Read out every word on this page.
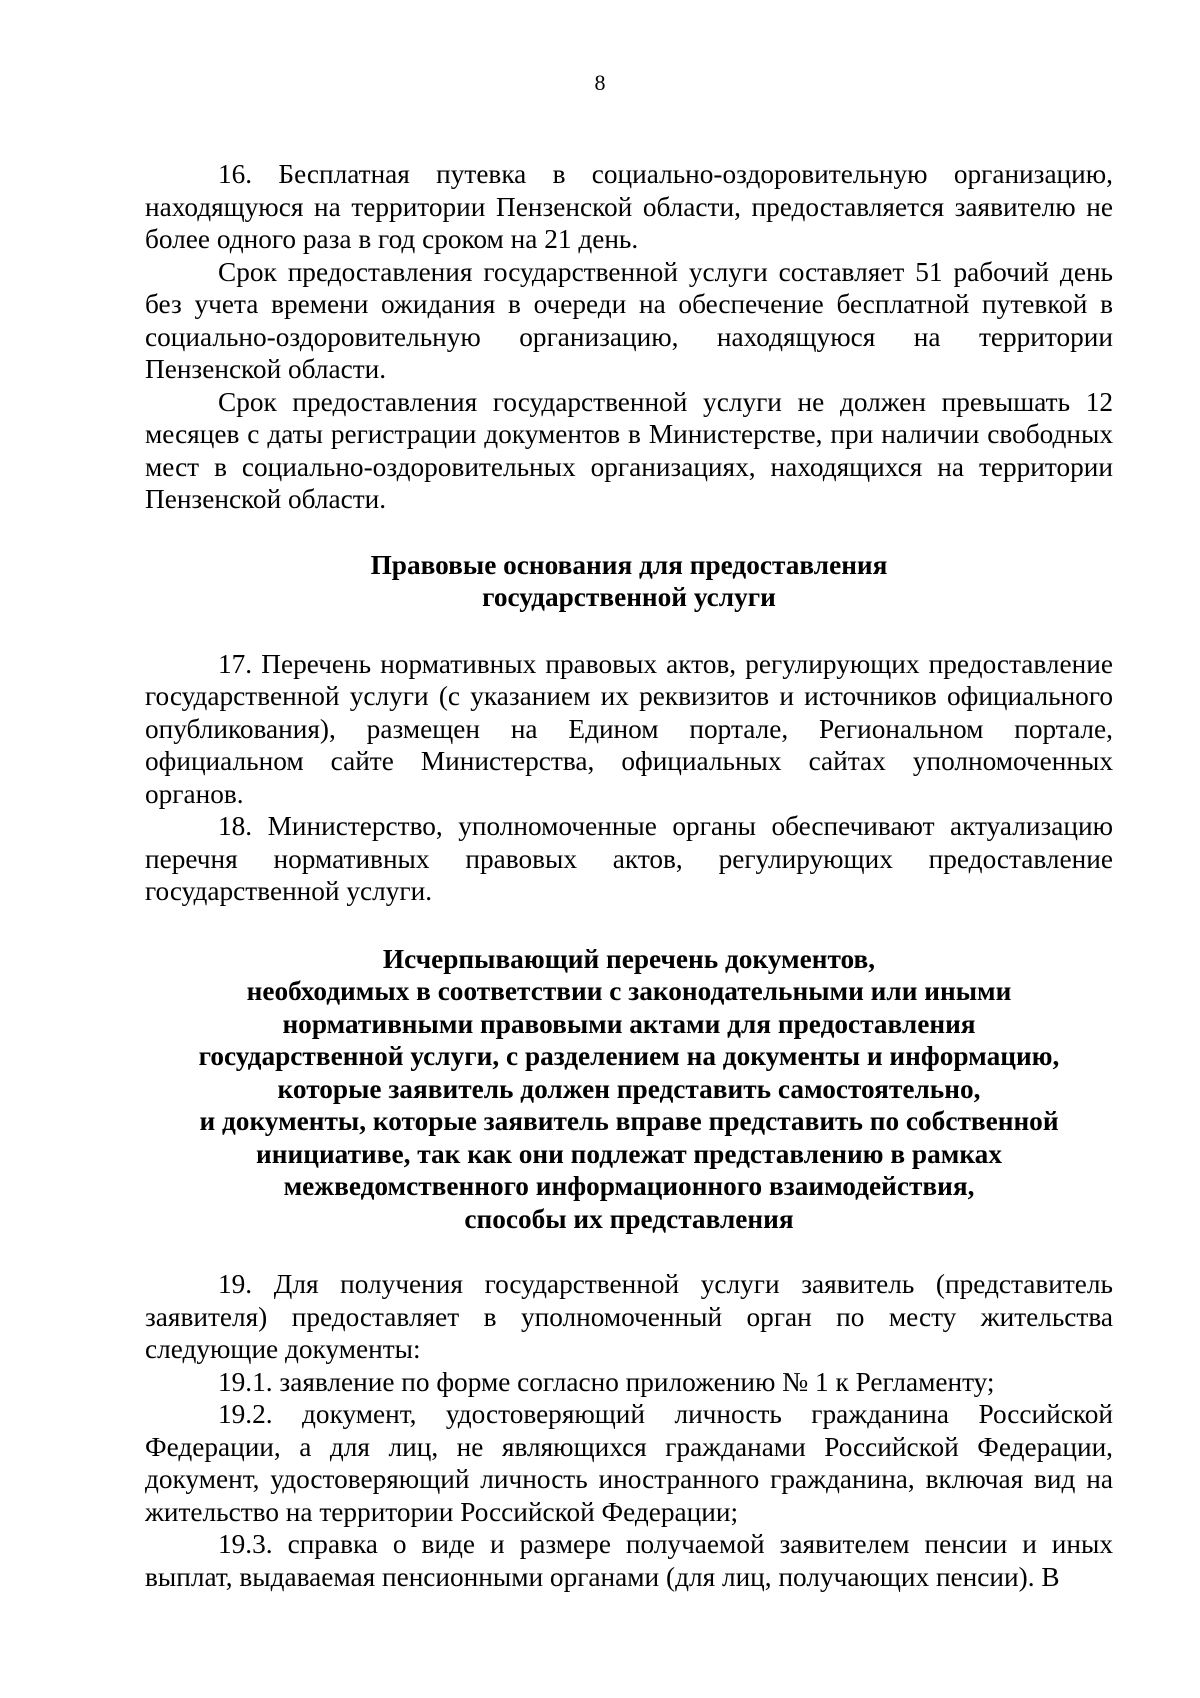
8

16. Бесплатная путевка в социально-оздоровительную организацию, находящуюся на территории Пензенской области, предоставляется заявителю не более одного раза в год сроком на 21 день.

Срок предоставления государственной услуги составляет 51 рабочий день без учета времени ожидания в очереди на обеспечение бесплатной путевкой в социально-оздоровительную организацию, находящуюся на территории Пензенской области.

Срок предоставления государственной услуги не должен превышать 12 месяцев с даты регистрации документов в Министерстве, при наличии свободных мест в социально-оздоровительных организациях, находящихся на территории Пензенской области.

Правовые основания для предоставления
государственной услуги

17. Перечень нормативных правовых актов, регулирующих предоставление государственной услуги (с указанием их реквизитов и источников официального опубликования), размещен на Едином портале, Региональном портале, официальном сайте Министерства, официальных сайтах уполномоченных органов.

18. Министерство, уполномоченные органы обеспечивают актуализацию перечня нормативных правовых актов, регулирующих предоставление государственной услуги.

Исчерпывающий перечень документов,
необходимых в соответствии с законодательными или иными
нормативными правовыми актами для предоставления
государственной услуги, с разделением на документы и информацию,
которые заявитель должен представить самостоятельно,
и документы, которые заявитель вправе представить по собственной
инициативе, так как они подлежат представлению в рамках
межведомственного информационного взаимодействия,
способы их представления

19. Для получения государственной услуги заявитель (представитель заявителя) предоставляет в уполномоченный орган по месту жительства следующие документы:

19.1. заявление по форме согласно приложению № 1 к Регламенту;

19.2. документ, удостоверяющий личность гражданина Российской Федерации, а для лиц, не являющихся гражданами Российской Федерации, документ, удостоверяющий личность иностранного гражданина, включая вид на жительство на территории Российской Федерации;

19.3. справка о виде и размере получаемой заявителем пенсии и иных выплат, выдаваемая пенсионными органами (для лиц, получающих пенсии). В
